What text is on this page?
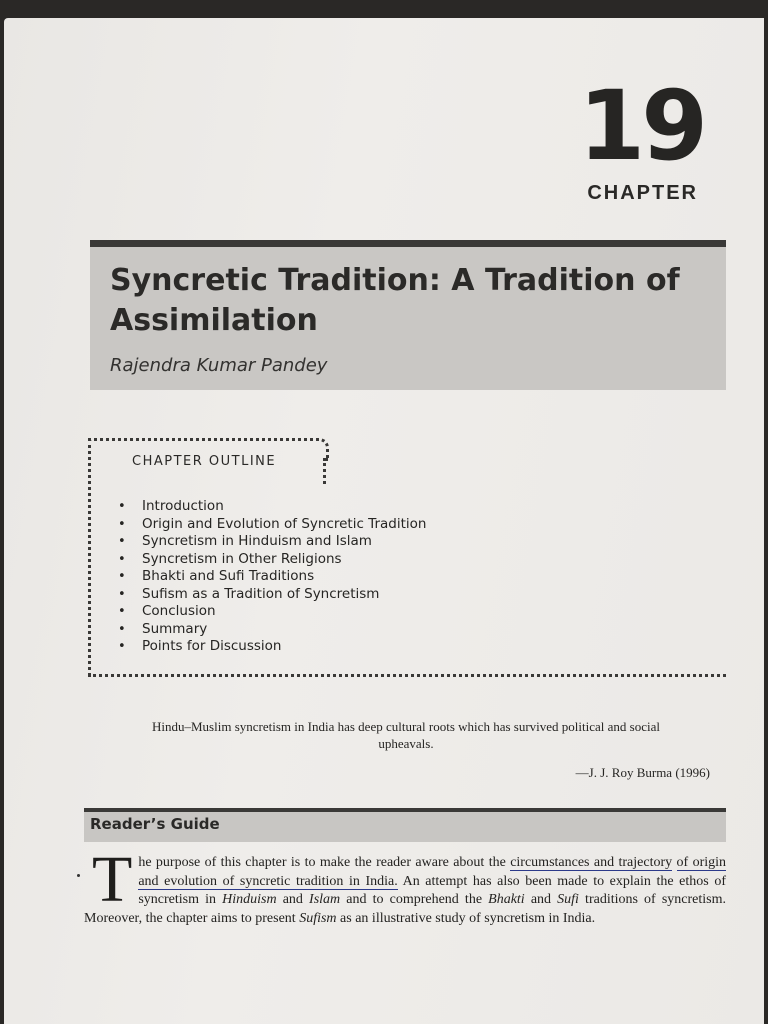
19
CHAPTER
Syncretic Tradition: A Tradition of Assimilation
Rajendra Kumar Pandey
CHAPTER OUTLINE
• Introduction
• Origin and Evolution of Syncretic Tradition
• Syncretism in Hinduism and Islam
• Syncretism in Other Religions
• Bhakti and Sufi Traditions
• Sufism as a Tradition of Syncretism
• Conclusion
• Summary
• Points for Discussion
Hindu–Muslim syncretism in India has deep cultural roots which has survived political and social upheavals.
—J. J. Roy Burma (1996)
Reader’s Guide
The purpose of this chapter is to make the reader aware about the circumstances and trajectory of origin and evolution of syncretic tradition in India. An attempt has also been made to explain the ethos of syncretism in Hinduism and Islam and to comprehend the Bhakti and Sufi traditions of syncretism. Moreover, the chapter aims to present Sufism as an illustrative study of syncretism in India.
